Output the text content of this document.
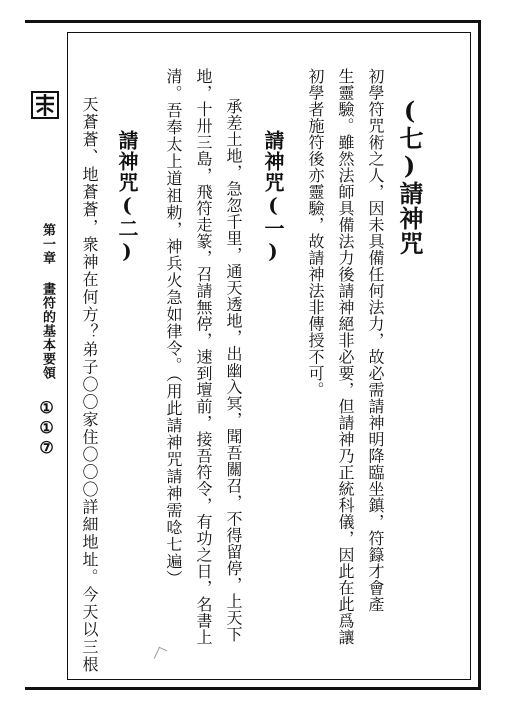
第一章
畫符的基本要領
①①⑦
(七)請神咒
初學符咒術之人，因未具備任何法力，故必需請神明降臨坐鎮，符籙才會產
生靈驗。雖然法師具備法力後請神絕非必要，但請神乃正統科儀，因此在此爲讓
初學者施符後亦靈驗，故請神法非傳授不可。
請神咒(一)
承差土地，急忽千里，通天透地，出幽入冥，聞吾關召，不得留停，上天下
地，十卅三島，飛符走篆，召請無停，速到壇前，接吾符令，有功之日，名書上
清。吾奉太上道祖勅，神兵火急如律令。（用此請神咒請神需唸七遍）
請神咒(二)
天蒼蒼、地蒼蒼，衆神在何方？弟子〇〇家住〇〇〇詳細地址。今天以三根
